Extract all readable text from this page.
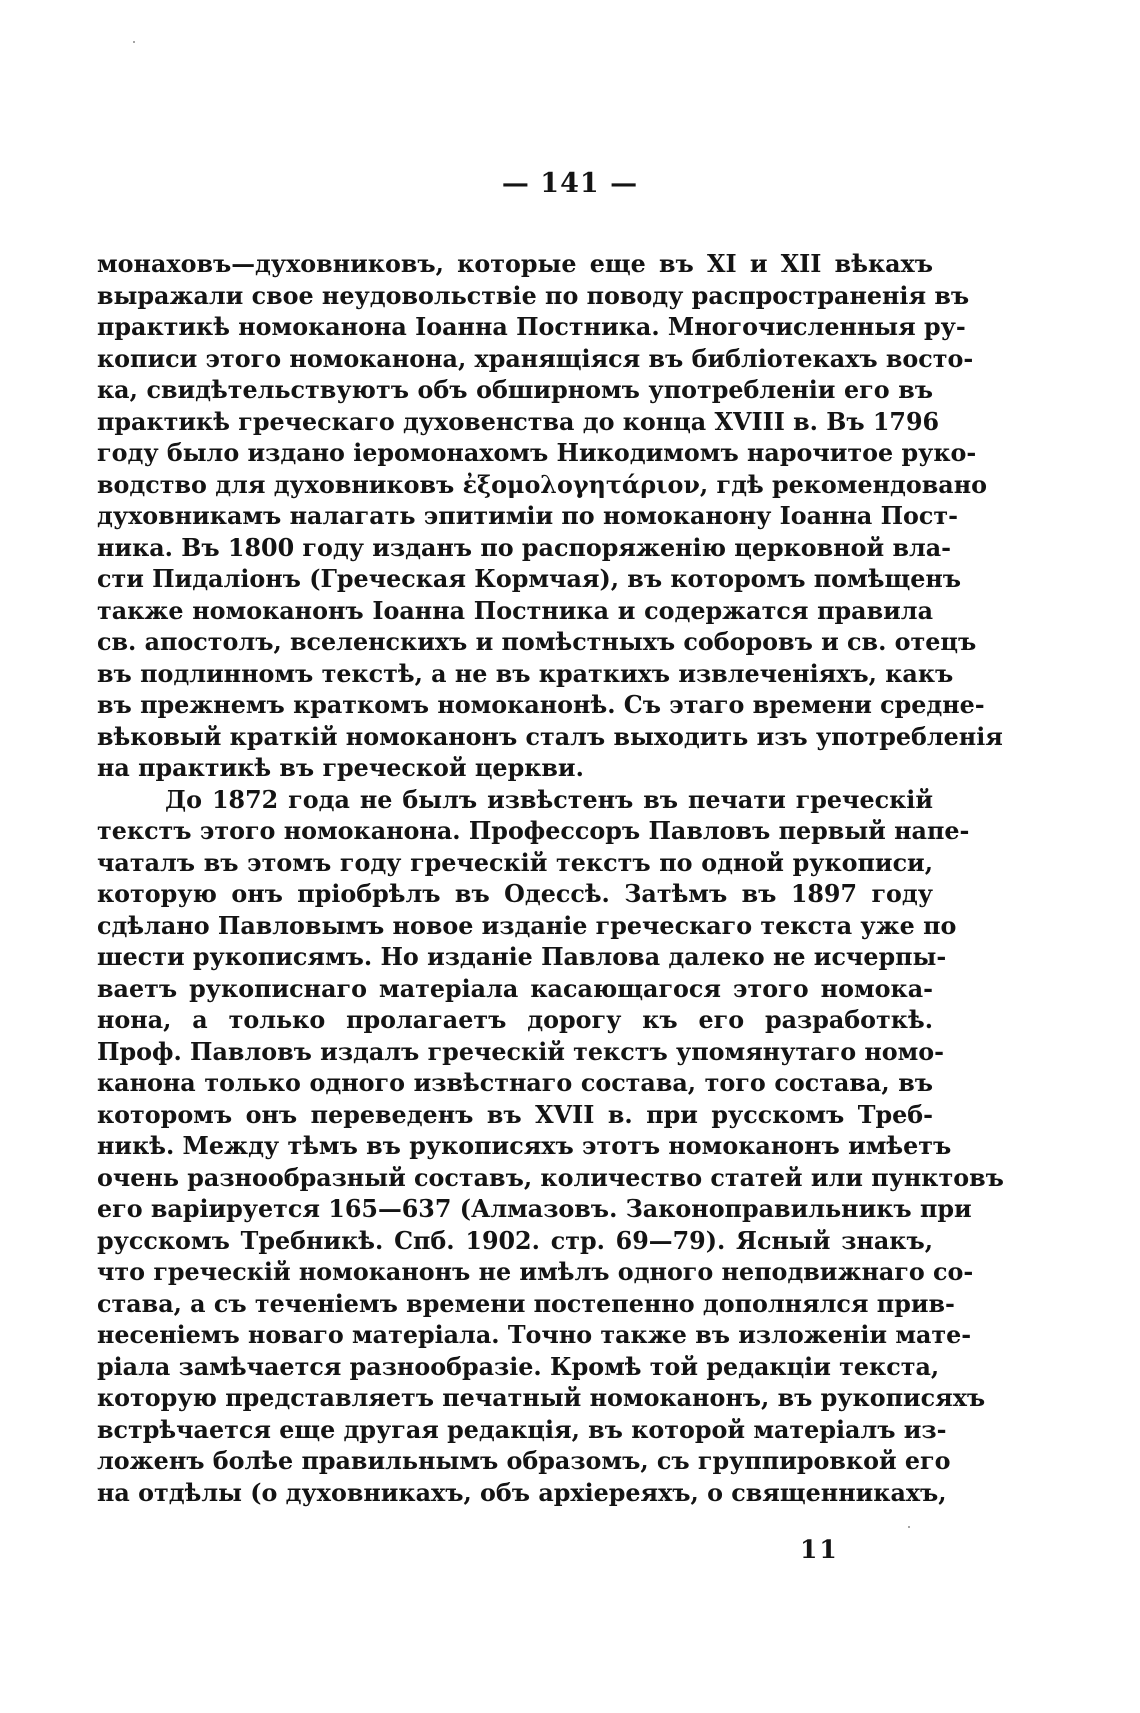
— 141 —
монаховъ—духовниковъ, которые еще въ XI и XII вѣкахъ
выражали свое неудовольствіе по поводу распространенія въ
практикѣ номоканона Іоанна Постника. Многочисленныя ру-
кописи этого номоканона, хранящіяся въ библіотекахъ восто-
ка, свидѣтельствуютъ объ обширномъ употребленіи его въ
практикѣ греческаго духовенства до конца XVIII в. Въ 1796
году было издано іеромонахомъ Никодимомъ нарочитое руко-
водство для духовниковъ ἐξομολογητάριον, гдѣ рекомендовано
духовникамъ налагать эпитиміи по номоканону Іоанна Пост-
ника. Въ 1800 году изданъ по распоряженію церковной вла-
сти Пидаліонъ (Греческая Кормчая), въ которомъ помѣщенъ
также номоканонъ Іоанна Постника и содержатся правила
св. апостолъ, вселенскихъ и помѣстныхъ соборовъ и св. отецъ
въ подлинномъ текстѣ, а не въ краткихъ извлеченіяхъ, какъ
въ прежнемъ краткомъ номоканонѣ. Съ этаго времени средне-
вѣковый краткій номоканонъ сталъ выходить изъ употребленія
на практикѣ въ греческой церкви.
До 1872 года не былъ извѣстенъ въ печати греческій
текстъ этого номоканона. Профессоръ Павловъ первый напе-
чаталъ въ этомъ году греческій текстъ по одной рукописи,
которую онъ пріобрѣлъ въ Одессѣ. Затѣмъ въ 1897 году
сдѣлано Павловымъ новое изданіе греческаго текста уже по
шести рукописямъ. Но изданіе Павлова далеко не исчерпы-
ваетъ рукописнаго матеріала касающагося этого номока-
нона, а только пролагаетъ дорогу къ его разработкѣ.
Проф. Павловъ издалъ греческій текстъ упомянутаго номо-
канона только одного извѣстнаго состава, того состава, въ
которомъ онъ переведенъ въ XVII в. при русскомъ Треб-
никѣ. Между тѣмъ въ рукописяхъ этотъ номоканонъ имѣетъ
очень разнообразный составъ, количество статей или пунктовъ
его варіируется 165—637 (Алмазовъ. Законоправильникъ при
русскомъ Требникѣ. Спб. 1902. стр. 69—79). Ясный знакъ,
что греческій номоканонъ не имѣлъ одного неподвижнаго со-
става, а съ теченіемъ времени постепенно дополнялся прив-
несеніемъ новаго матеріала. Точно также въ изложеніи мате-
ріала замѣчается разнообразіе. Кромѣ той редакціи текста,
которую представляетъ печатный номоканонъ, въ рукописяхъ
встрѣчается еще другая редакція, въ которой матеріалъ из-
ложенъ болѣе правильнымъ образомъ, съ группировкой его
на отдѣлы (о духовникахъ, объ архіереяхъ, о священникахъ,
11
